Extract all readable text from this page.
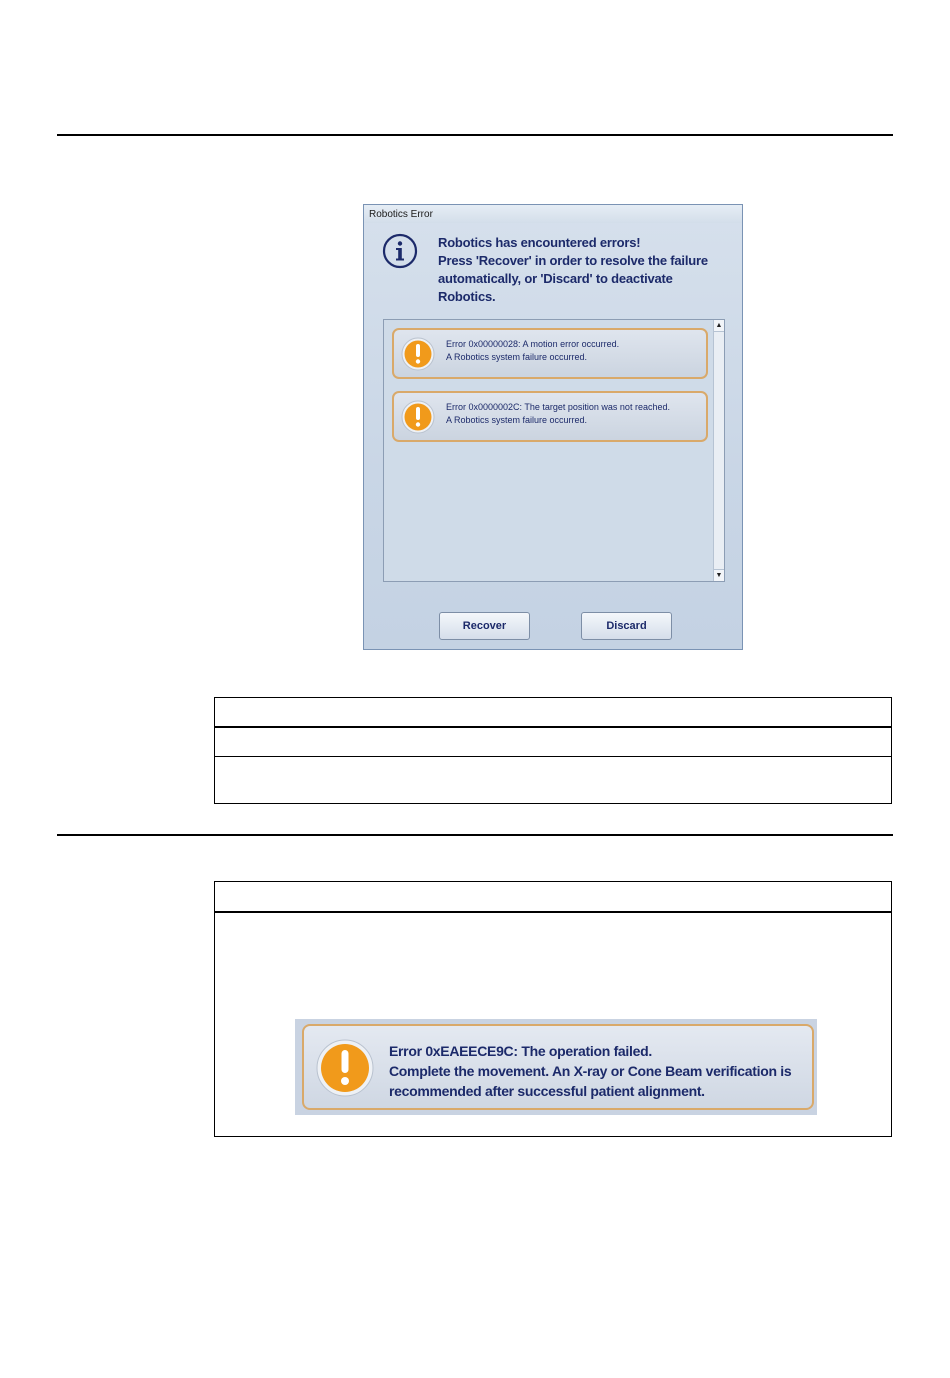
Robotics Error
Robotics has encountered errors!
Press 'Recover' in order to resolve the failure
automatically, or 'Discard' to deactivate
Robotics.
Error 0x00000028: A motion error occurred.
A Robotics system failure occurred.
Error 0x0000002C: The target position was not reached.
A Robotics system failure occurred.
▲
▼
Recover	Discard
Error 0xEAEECE9C: The operation failed.
Complete the movement. An X-ray or Cone Beam verification is
recommended after successful patient alignment.
